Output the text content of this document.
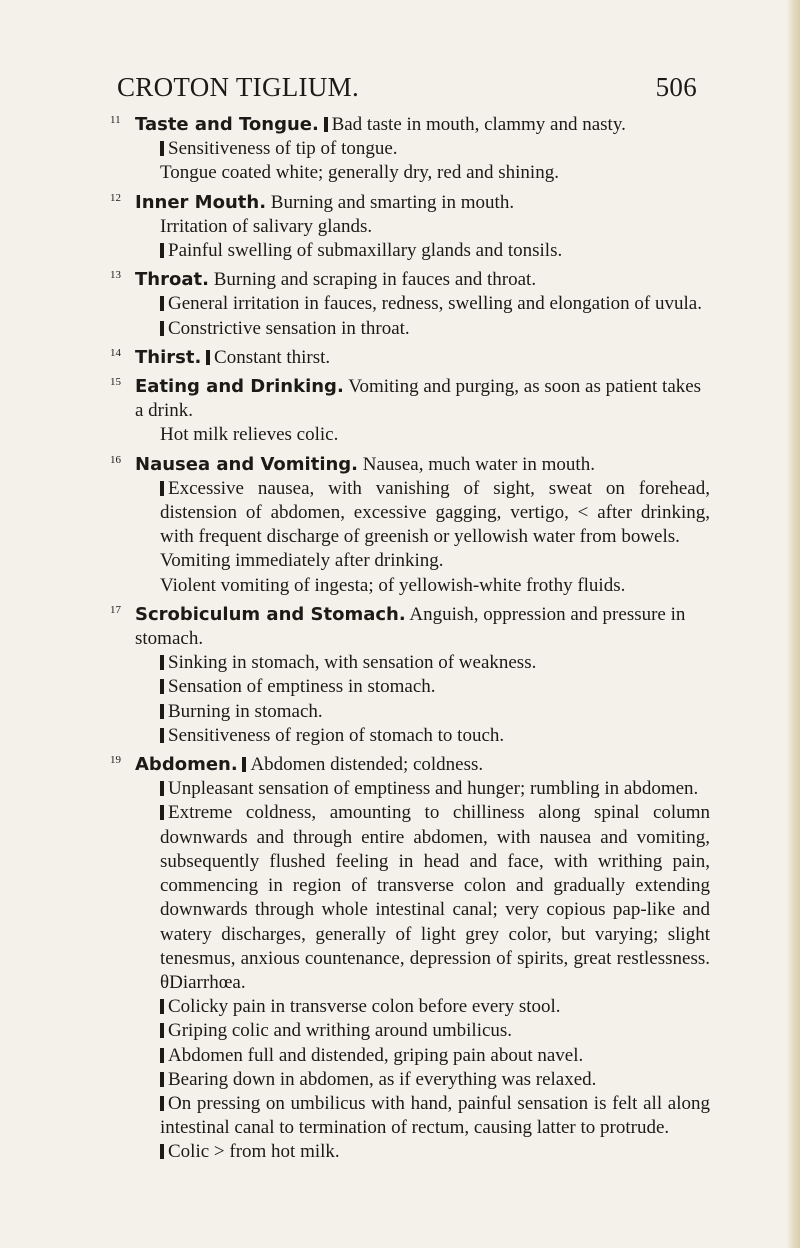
CROTON TIGLIUM.	506
11 Taste and Tongue. Bad taste in mouth, clammy and nasty.
Sensitiveness of tip of tongue.
Tongue coated white; generally dry, red and shining.
12 Inner Mouth. Burning and smarting in mouth.
Irritation of salivary glands.
Painful swelling of submaxillary glands and tonsils.
13 Throat. Burning and scraping in fauces and throat.
General irritation in fauces, redness, swelling and elongation of uvula.
Constrictive sensation in throat.
14 Thirst. Constant thirst.
15 Eating and Drinking. Vomiting and purging, as soon as patient takes a drink.
Hot milk relieves colic.
16 Nausea and Vomiting. Nausea, much water in mouth.
Excessive nausea, with vanishing of sight, sweat on forehead, distension of abdomen, excessive gagging, vertigo, < after drinking, with frequent discharge of greenish or yellowish water from bowels.
Vomiting immediately after drinking.
Violent vomiting of ingesta; of yellowish-white frothy fluids.
17 Scrobiculum and Stomach. Anguish, oppression and pressure in stomach.
Sinking in stomach, with sensation of weakness.
Sensation of emptiness in stomach.
Burning in stomach.
Sensitiveness of region of stomach to touch.
19 Abdomen. Abdomen distended; coldness.
Unpleasant sensation of emptiness and hunger; rumbling in abdomen.
Extreme coldness, amounting to chilliness along spinal column downwards and through entire abdomen, with nausea and vomiting, subsequently flushed feeling in head and face, with writhing pain, commencing in region of transverse colon and gradually extending downwards through whole intestinal canal; very copious pap-like and watery discharges, generally of light grey color, but varying; slight tenesmus, anxious countenance, depression of spirits, great restlessness. θDiarrhœa.
Colicky pain in transverse colon before every stool.
Griping colic and writhing around umbilicus.
Abdomen full and distended, griping pain about navel.
Bearing down in abdomen, as if everything was relaxed.
On pressing on umbilicus with hand, painful sensation is felt all along intestinal canal to termination of rectum, causing latter to protrude.
Colic > from hot milk.
